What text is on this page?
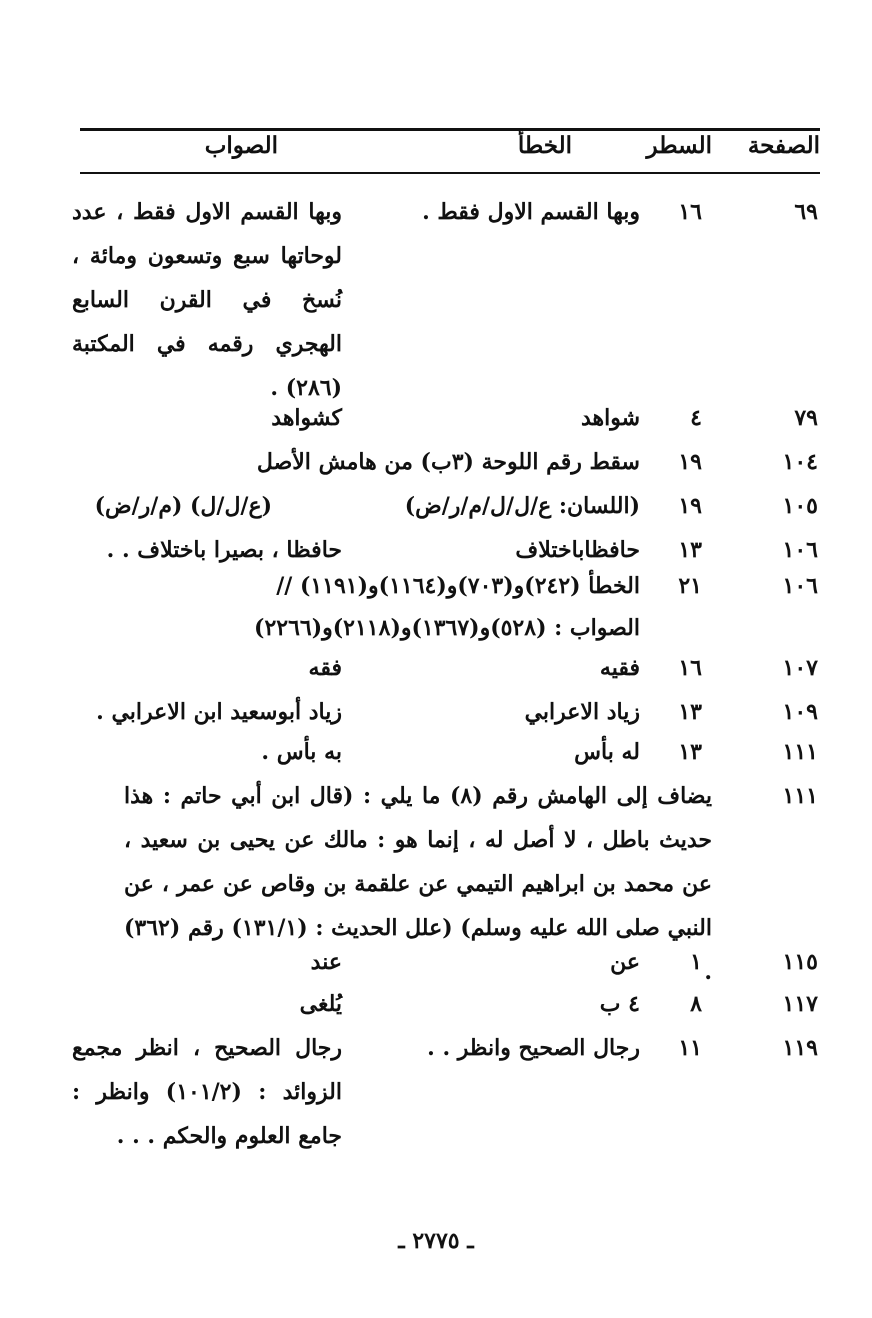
الصفحة
السطر
الخطأ
الصواب
٦٩
١٦
وبها القسم الاول فقط .
وبها القسم الاول فقط ، عدد لوحاتها سبع وتسعون ومائة ، نُسخ في القرن السابع الهجري رقمه في المكتبة (٢٨٦) .
٧٩
٤
شواهد
كشواهد
١٠٤
١٩
سقط رقم اللوحة (٣ب) من هامش الأصل
١٠٥
١٩
(اللسان: ع/ل/ل/م/ر/ض)
(ع/ل/ل) (م/ر/ض)
١٠٦
١٣
حافظاباختلاف
حافظا ، بصيرا باختلاف . .
١٠٦
٢١
الخطأ (٢٤٢)و(٧٠٣)و(١١٦٤)و(١١٩١) //
الصواب : (٥٢٨)و(١٣٦٧)و(٢١١٨)و(٢٢٦٦)
١٠٧
١٦
فقيه
فقه
١٠٩
١٣
زياد الاعرابي
زياد أبوسعيد ابن الاعرابي .
١١١
١٣
له بأس
به بأس .
١١١
يضاف إلى الهامش رقم (٨) ما يلي : (قال ابن أبي حاتم : هذا حديث باطل ، لا أصل له ، إنما هو : مالك عن يحيى بن سعيد ، عن محمد بن ابراهيم التيمي عن علقمة بن وقاص عن عمر ، عن النبي صلى الله عليه وسلم) (علل الحديث : (١٣١/١) رقم (٣٦٢) .	١١٥
١
عن
عند
١١٧
٨
٤ ب
يُلغى
١١٩
١١
رجال الصحيح وانظر . .
رجال الصحيح ، انظر مجمع الزوائد : (١٠١/٢) وانظر : جامع العلوم والحكم . . .
ـ ٢٧٧٥ ـ
